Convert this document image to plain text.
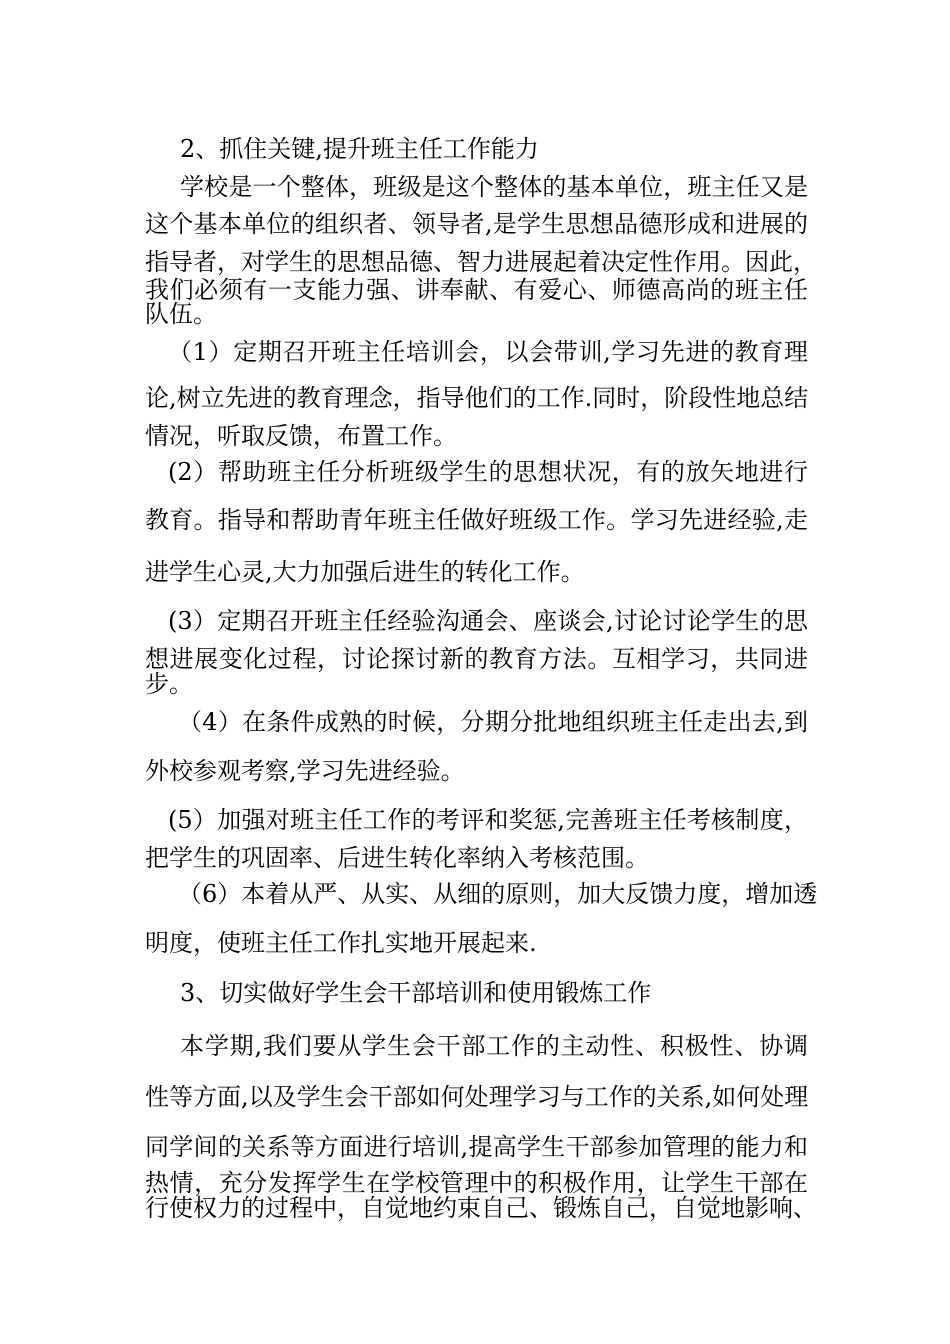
2、抓住关键,提升班主任工作能力
学校是一个整体，班级是这个整体的基本单位，班主任又是
这个基本单位的组织者、领导者,是学生思想品德形成和进展的
指导者，对学生的思想品德、智力进展起着决定性作用。因此，
我们必须有一支能力强、讲奉献、有爱心、师德高尚的班主任
队伍。
（1）定期召开班主任培训会，以会带训,学习先进的教育理
论,树立先进的教育理念，指导他们的工作.同时，阶段性地总结
情况，听取反馈，布置工作。
(2）帮助班主任分析班级学生的思想状况，有的放矢地进行
教育。指导和帮助青年班主任做好班级工作。学习先进经验,走
进学生心灵,大力加强后进生的转化工作。
(3）定期召开班主任经验沟通会、座谈会,讨论讨论学生的思
想进展变化过程，讨论探讨新的教育方法。互相学习，共同进
步。
（4）在条件成熟的时候，分期分批地组织班主任走出去,到
外校参观考察,学习先进经验。
(5）加强对班主任工作的考评和奖惩,完善班主任考核制度，
把学生的巩固率、后进生转化率纳入考核范围。
（6）本着从严、从实、从细的原则，加大反馈力度，增加透
明度，使班主任工作扎实地开展起来.
3、切实做好学生会干部培训和使用锻炼工作
本学期,我们要从学生会干部工作的主动性、积极性、协调
性等方面,以及学生会干部如何处理学习与工作的关系,如何处理
同学间的关系等方面进行培训,提高学生干部参加管理的能力和
热情，充分发挥学生在学校管理中的积极作用，让学生干部在
行使权力的过程中，自觉地约束自己、锻炼自己，自觉地影响、
